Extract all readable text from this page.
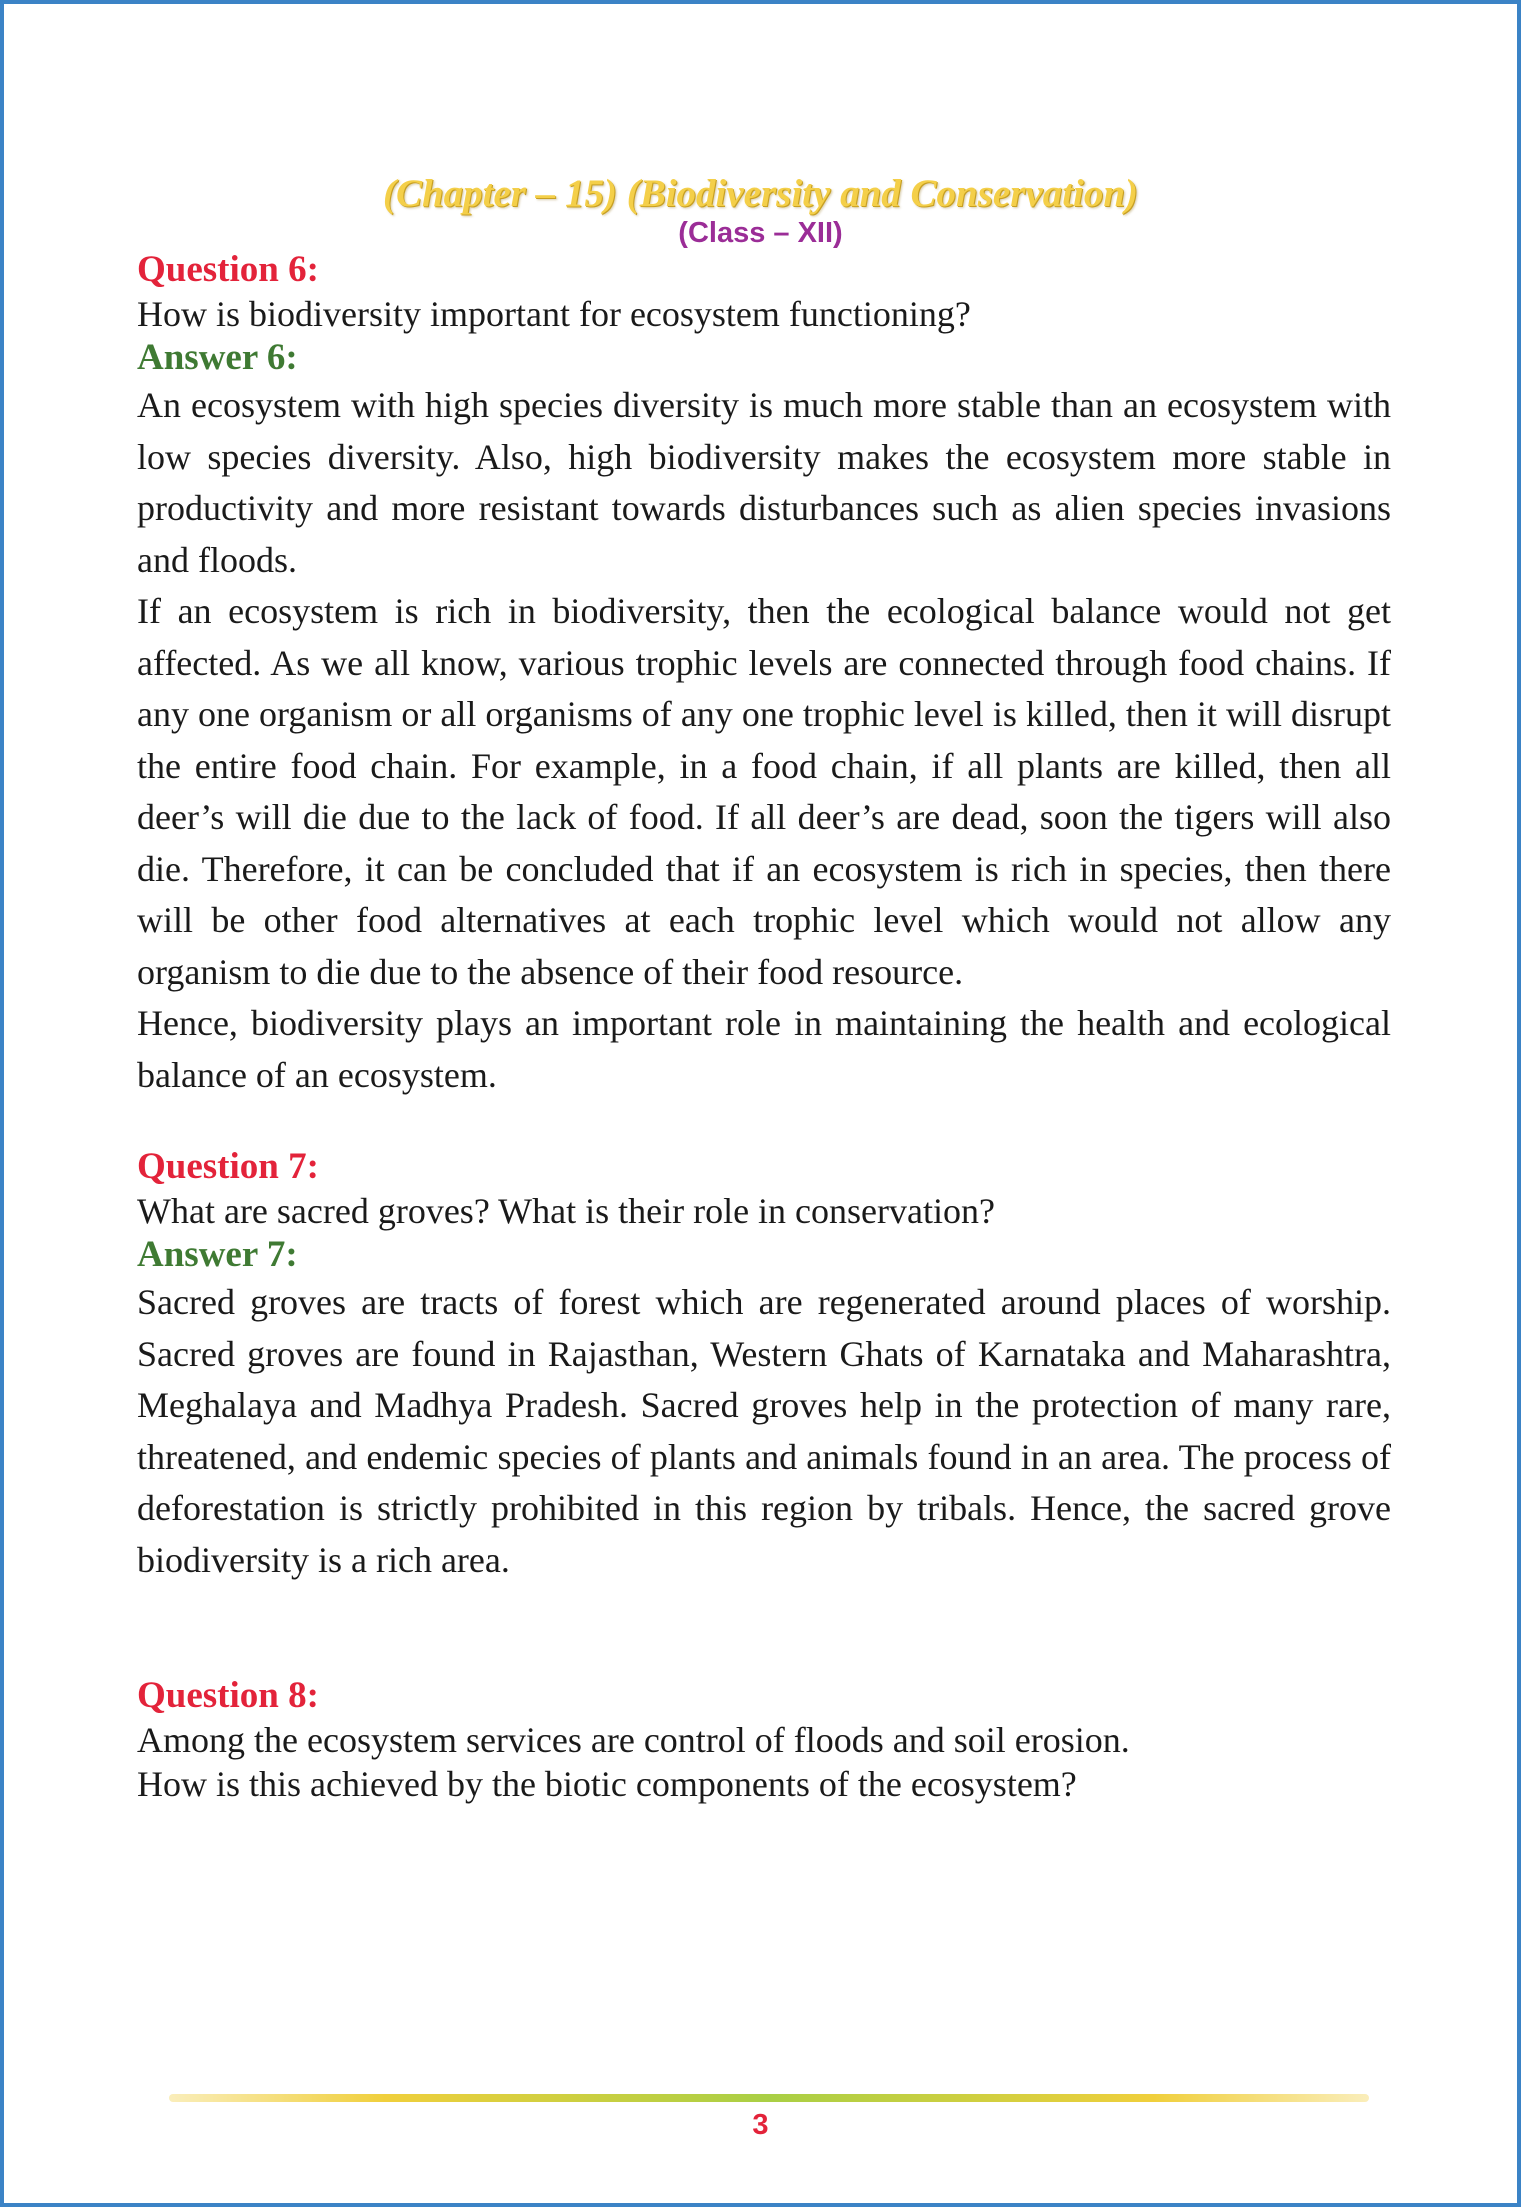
(Chapter – 15) (Biodiversity and Conservation)
(Class – XII)
Question 6:
How is biodiversity important for ecosystem functioning?
Answer 6:

An ecosystem with high species diversity is much more stable than an ecosystem with low species diversity. Also, high biodiversity makes the ecosystem more stable in productivity and more resistant towards disturbances such as alien species invasions and floods.

If an ecosystem is rich in biodiversity, then the ecological balance would not get affected. As we all know, various trophic levels are connected through food chains. If any one organism or all organisms of any one trophic level is killed, then it will disrupt the entire food chain. For example, in a food chain, if all plants are killed, then all deer’s will die due to the lack of food. If all deer’s are dead, soon the tigers will also die. Therefore, it can be concluded that if an ecosystem is rich in species, then there will be other food alternatives at each trophic level which would not allow any organism to die due to the absence of their food resource.

Hence, biodiversity plays an important role in maintaining the health and ecological balance of an ecosystem.

Question 7:
What are sacred groves? What is their role in conservation?
Answer 7:

Sacred groves are tracts of forest which are regenerated around places of worship. Sacred groves are found in Rajasthan, Western Ghats of Karnataka and Maharashtra, Meghalaya and Madhya Pradesh. Sacred groves help in the protection of many rare, threatened, and endemic species of plants and animals found in an area. The process of deforestation is strictly prohibited in this region by tribals. Hence, the sacred grove biodiversity is a rich area.

Question 8:
Among the ecosystem services are control of floods and soil erosion.
How is this achieved by the biotic components of the ecosystem?
3
